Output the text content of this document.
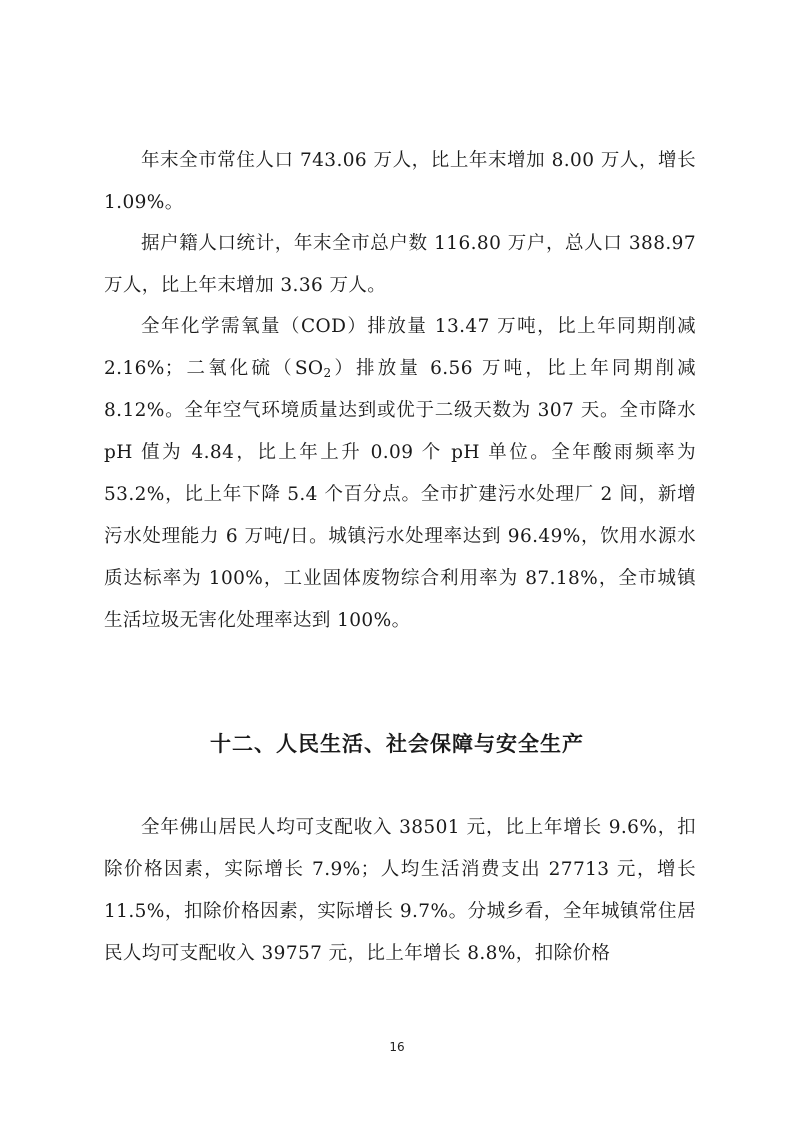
年末全市常住人口 743.06 万人，比上年末增加 8.00 万人，增长 1.09%。

据户籍人口统计，年末全市总户数 116.80 万户，总人口 388.97 万人，比上年末增加 3.36 万人。

全年化学需氧量（COD）排放量 13.47 万吨，比上年同期削减 2.16%；二氧化硫$(SO_2)$排放量 6.56 万吨，比上年同期削减 8.12%。全年空气环境质量达到或优于二级天数为 307 天。全市降水 pH 值为 4.84，比上年上升 0.09 个 pH 单位。全年酸雨频率为 53.2%，比上年下降 5.4 个百分点。全市扩建污水处理厂 2 间，新增污水处理能力 6 万吨/日。城镇污水处理率达到 96.49%，饮用水源水质达标率为 100%，工业固体废物综合利用率为 87.18%，全市城镇生活垃圾无害化处理率达到 100%。

十二、人民生活、社会保障与安全生产

全年佛山居民人均可支配收入 38501 元，比上年增长 9.6%，扣除价格因素，实际增长 7.9%；人均生活消费支出 27713 元，增长 11.5%，扣除价格因素，实际增长 9.7%。分城乡看，全年城镇常住居民人均可支配收入 39757 元，比上年增长 8.8%，扣除价格

16
